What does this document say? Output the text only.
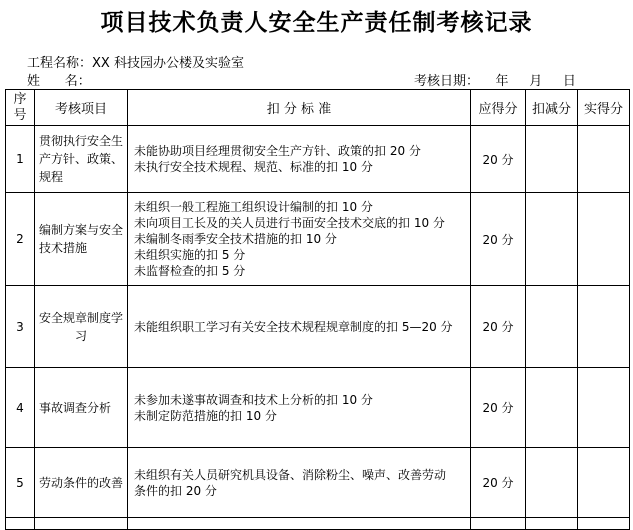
项目技术负责人安全生产责任制考核记录
工程名称：XX 科技园办公楼及实验室
姓      名：	考核日期：    年     月     日
序
号	考核项目	扣 分 标 准	应得分	扣减分	实得分
1	贯彻执行安全生产方针、政策、规程	未能协助项目经理贯彻安全生产方针、政策的扣 20 分
未执行安全技术规程、规范、标准的扣 10 分	20 分		
2	编制方案与安全技术措施	未组织一般工程施工组织设计编制的扣 10 分
未向项目工长及的关人员进行书面安全技术交底的扣 10 分
未编制冬雨季安全技术措施的扣 10 分
未组织实施的扣 5 分
未监督检查的扣 5 分	20 分		
3	安全规章制度学习	未能组织职工学习有关安全技术规程规章制度的扣 5—20 分	20 分		
4	事故调查分析	未参加未遂事故调查和技术上分析的扣 10 分
未制定防范措施的扣 10 分	20 分		
5	劳动条件的改善	未组织有关人员研究机具设备、消除粉尘、噪声、改善劳动
条件的扣 20 分	20 分		
